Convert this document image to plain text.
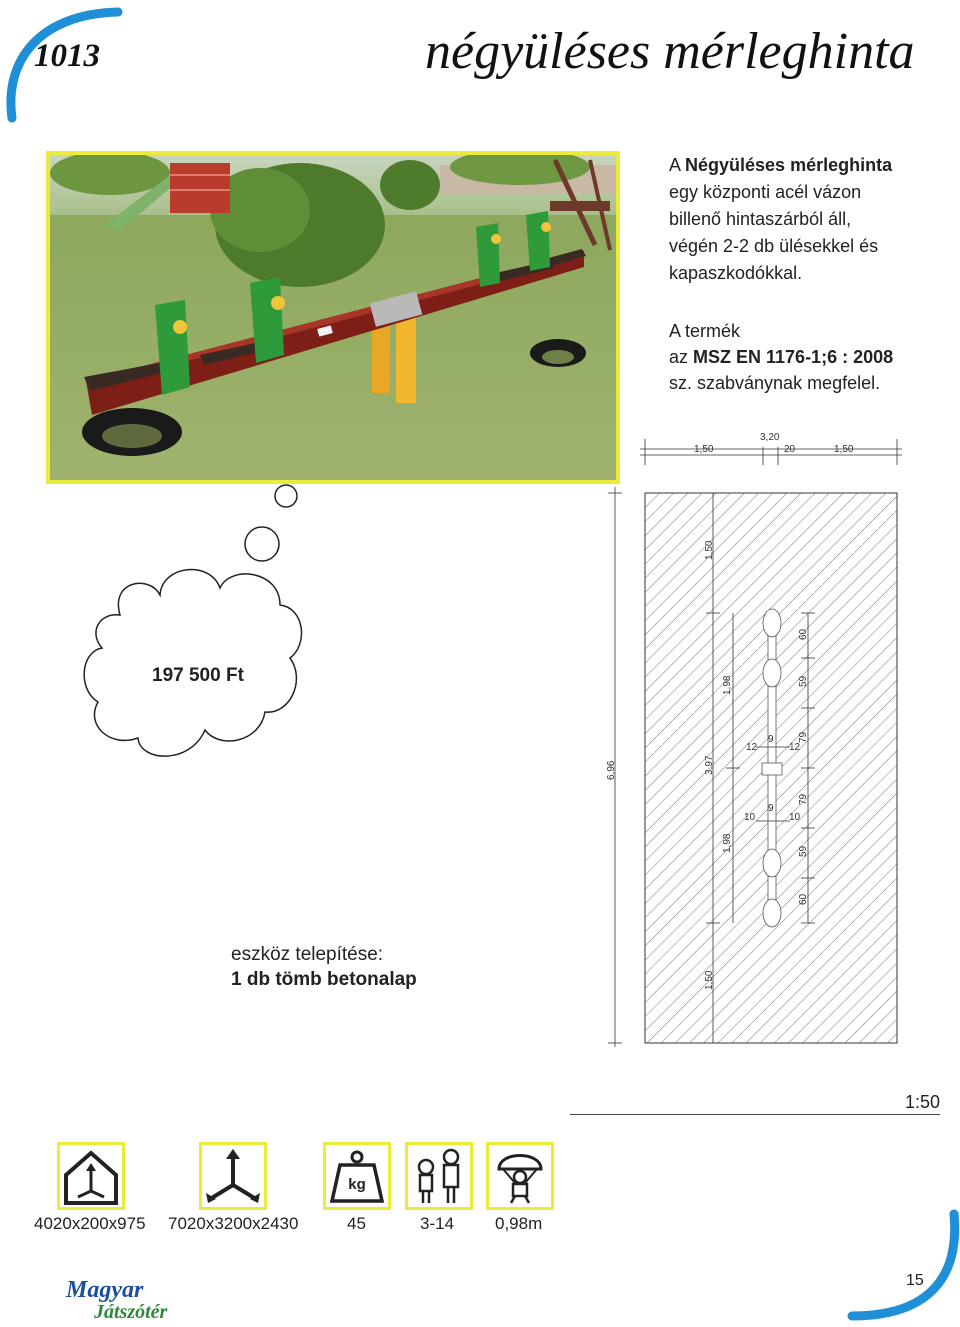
1013	négyüléses mérleghinta

A Négyüléses mérleghinta

egy központi acél vázon

billenő hintaszárból áll,

végén 2-2 db ülésekkel és

kapaszkodókkal.

A termék

az MSZ EN 1176-1;6 : 2008

sz. szabványnak megfelel.

197 500 Ft

eszköz telepítése:

1 db tömb betonalap

3,20
1,50	20	1,50
6,96
1,50
3,97
1,50
1,98
1,98
60
59
79
79
59
60
12	12
9
10	10
9
1:50
kg
4020x200x975 7020x3200x2430	45	3-14 0,98m
Magyar
Játszótér
15
